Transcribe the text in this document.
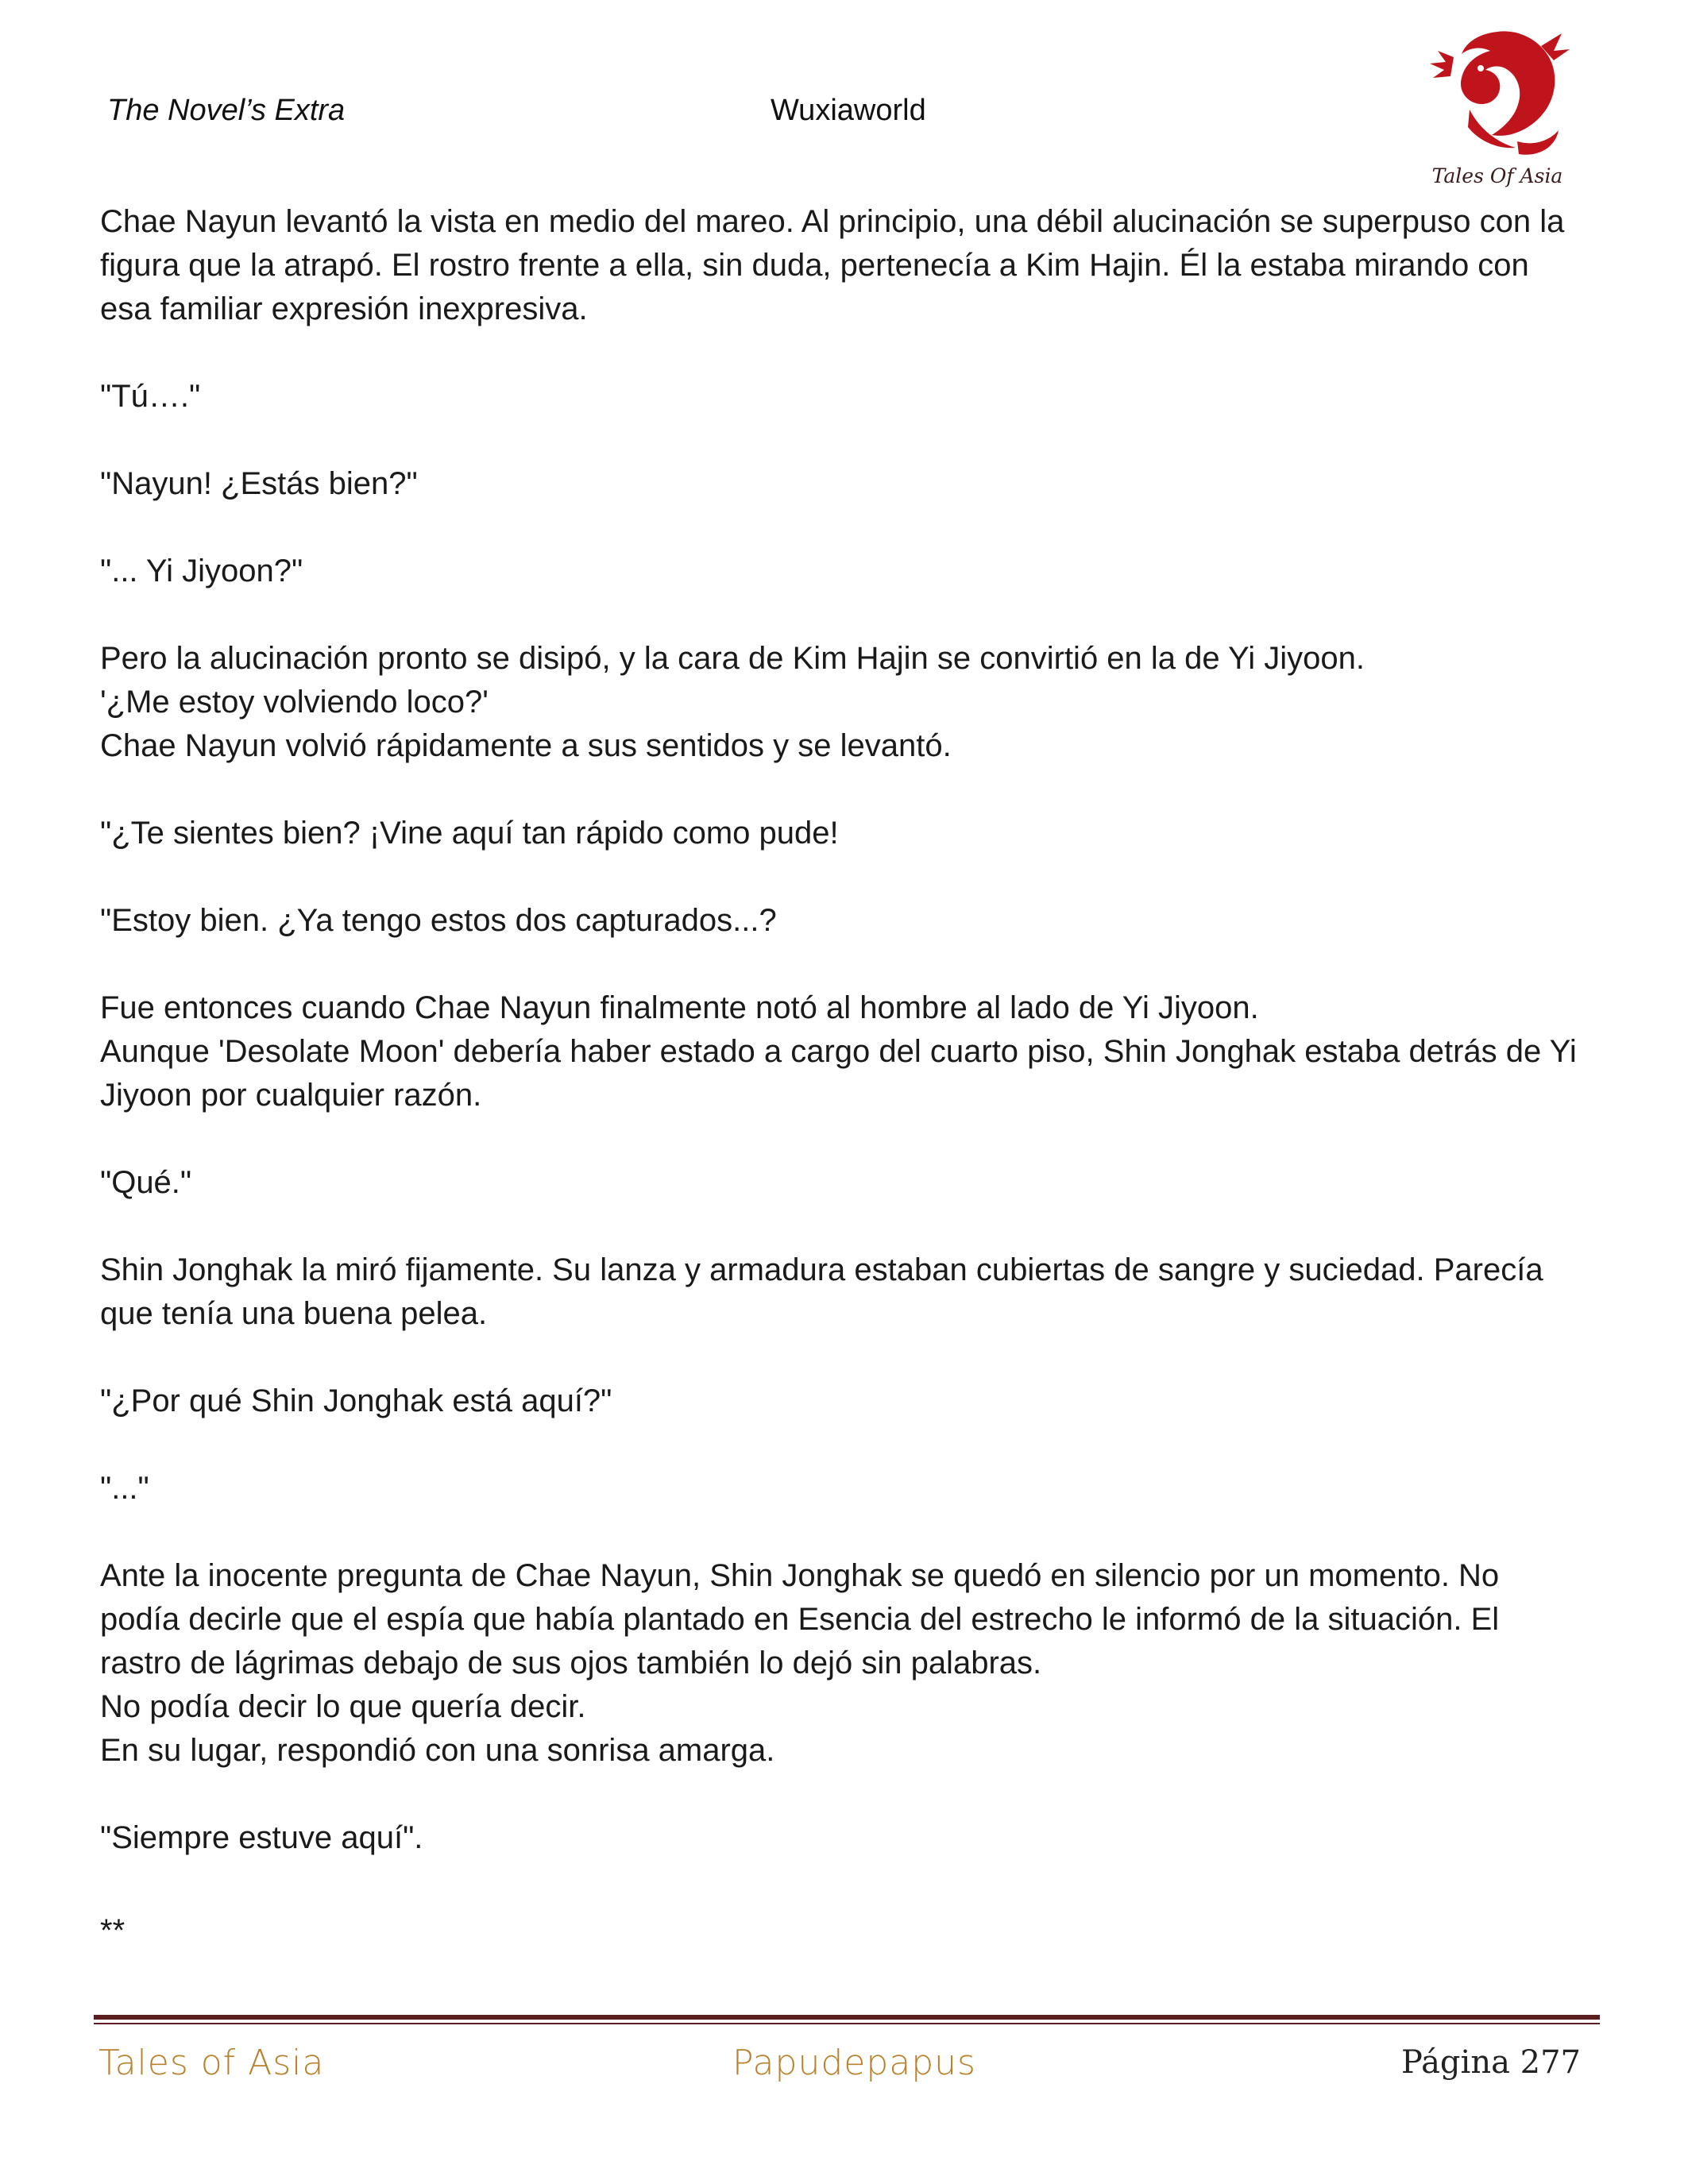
The Novel’s Extra	Wuxiaworld
Tales Of Asia

Chae Nayun levantó la vista en medio del mareo. Al principio, una débil alucinación se superpuso con la figura que la atrapó. El rostro frente a ella, sin duda, pertenecía a Kim Hajin. Él la estaba mirando con esa familiar expresión inexpresiva.

"Tú…."

"Nayun! ¿Estás bien?"

"... Yi Jiyoon?"

Pero la alucinación pronto se disipó, y la cara de Kim Hajin se convirtió en la de Yi Jiyoon.
'¿Me estoy volviendo loco?'
Chae Nayun volvió rápidamente a sus sentidos y se levantó.

"¿Te sientes bien? ¡Vine aquí tan rápido como pude!

"Estoy bien. ¿Ya tengo estos dos capturados...?

Fue entonces cuando Chae Nayun finalmente notó al hombre al lado de Yi Jiyoon.
Aunque 'Desolate Moon' debería haber estado a cargo del cuarto piso, Shin Jonghak estaba detrás de Yi Jiyoon por cualquier razón.

"Qué."

Shin Jonghak la miró fijamente. Su lanza y armadura estaban cubiertas de sangre y suciedad. Parecía que tenía una buena pelea.

"¿Por qué Shin Jonghak está aquí?"

"..."

Ante la inocente pregunta de Chae Nayun, Shin Jonghak se quedó en silencio por un momento. No podía decirle que el espía que había plantado en Esencia del estrecho le informó de la situación. El rastro de lágrimas debajo de sus ojos también lo dejó sin palabras.
No podía decir lo que quería decir.
En su lugar, respondió con una sonrisa amarga.

"Siempre estuve aquí".

**

Tales of Asia	Papudepapus	Página 277
